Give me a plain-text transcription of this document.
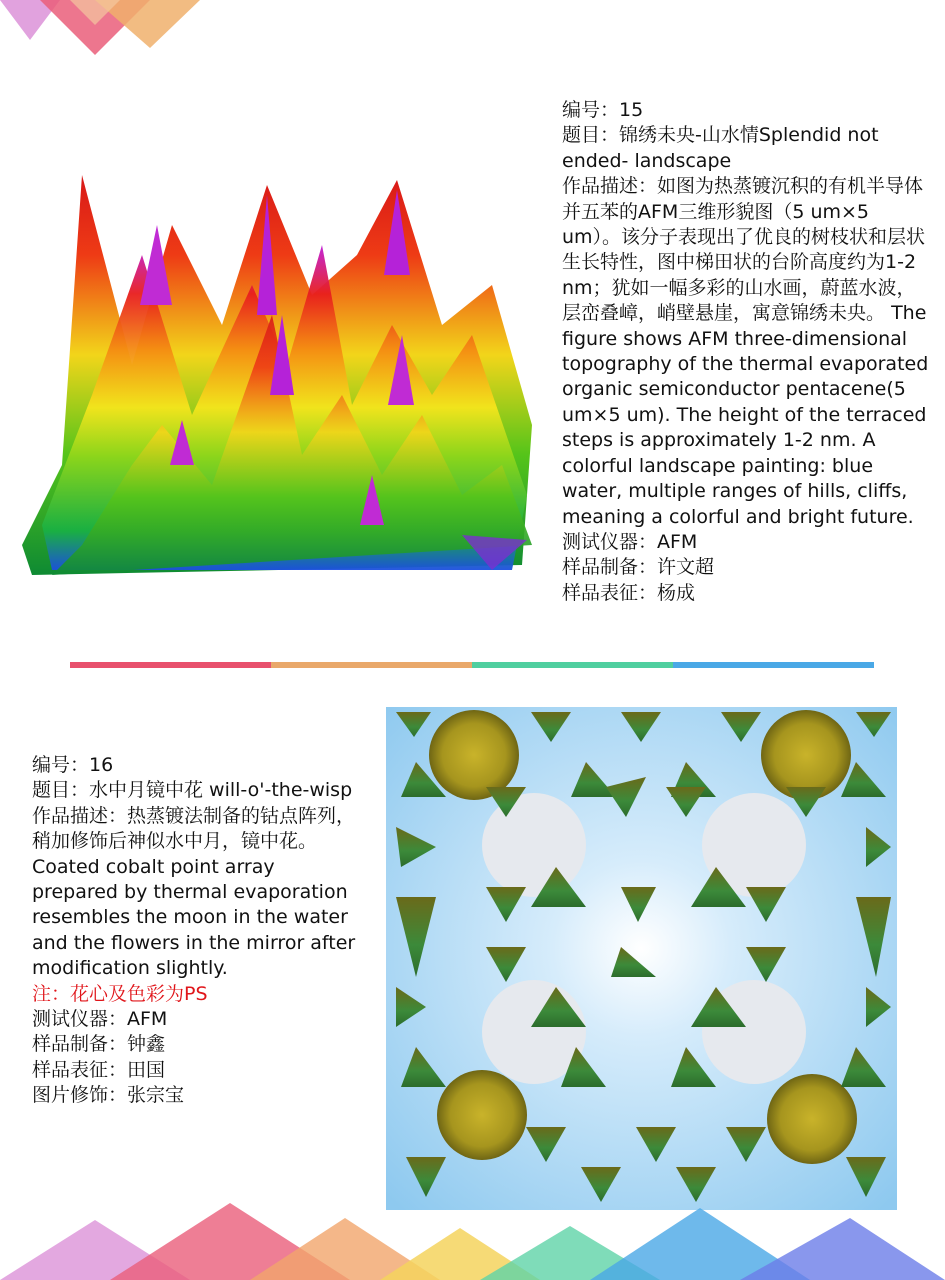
编号：15
题目：锦绣未央-山水情Splendid not ended- landscape
作品描述：如图为热蒸镀沉积的有机半导体并五苯的AFM三维形貌图（5 um×5 um）。该分子表现出了优良的树枝状和层状生长特性，图中梯田状的台阶高度约为1-2 nm；犹如一幅多彩的山水画，蔚蓝水波，层峦叠嶂，峭壁悬崖，寓意锦绣未央。 The figure shows AFM three-dimensional topography of the thermal evaporated organic semiconductor pentacene(5 um×5 um). The height of the terraced steps is approximately 1-2 nm. A colorful landscape painting: blue water, multiple ranges of hills, cliffs, meaning a colorful and bright future.
测试仪器：AFM
样品制备：许文超
样品表征：杨成
编号：16
题目：水中月镜中花 will-o'-the-wisp
作品描述：热蒸镀法制备的钴点阵列，稍加修饰后神似水中月，镜中花。
Coated cobalt point array prepared by thermal evaporation resembles the moon in the water and the flowers in the mirror after modification slightly.
注：花心及色彩为PS
测试仪器：AFM
样品制备：钟鑫
样品表征：田国
图片修饰：张宗宝
